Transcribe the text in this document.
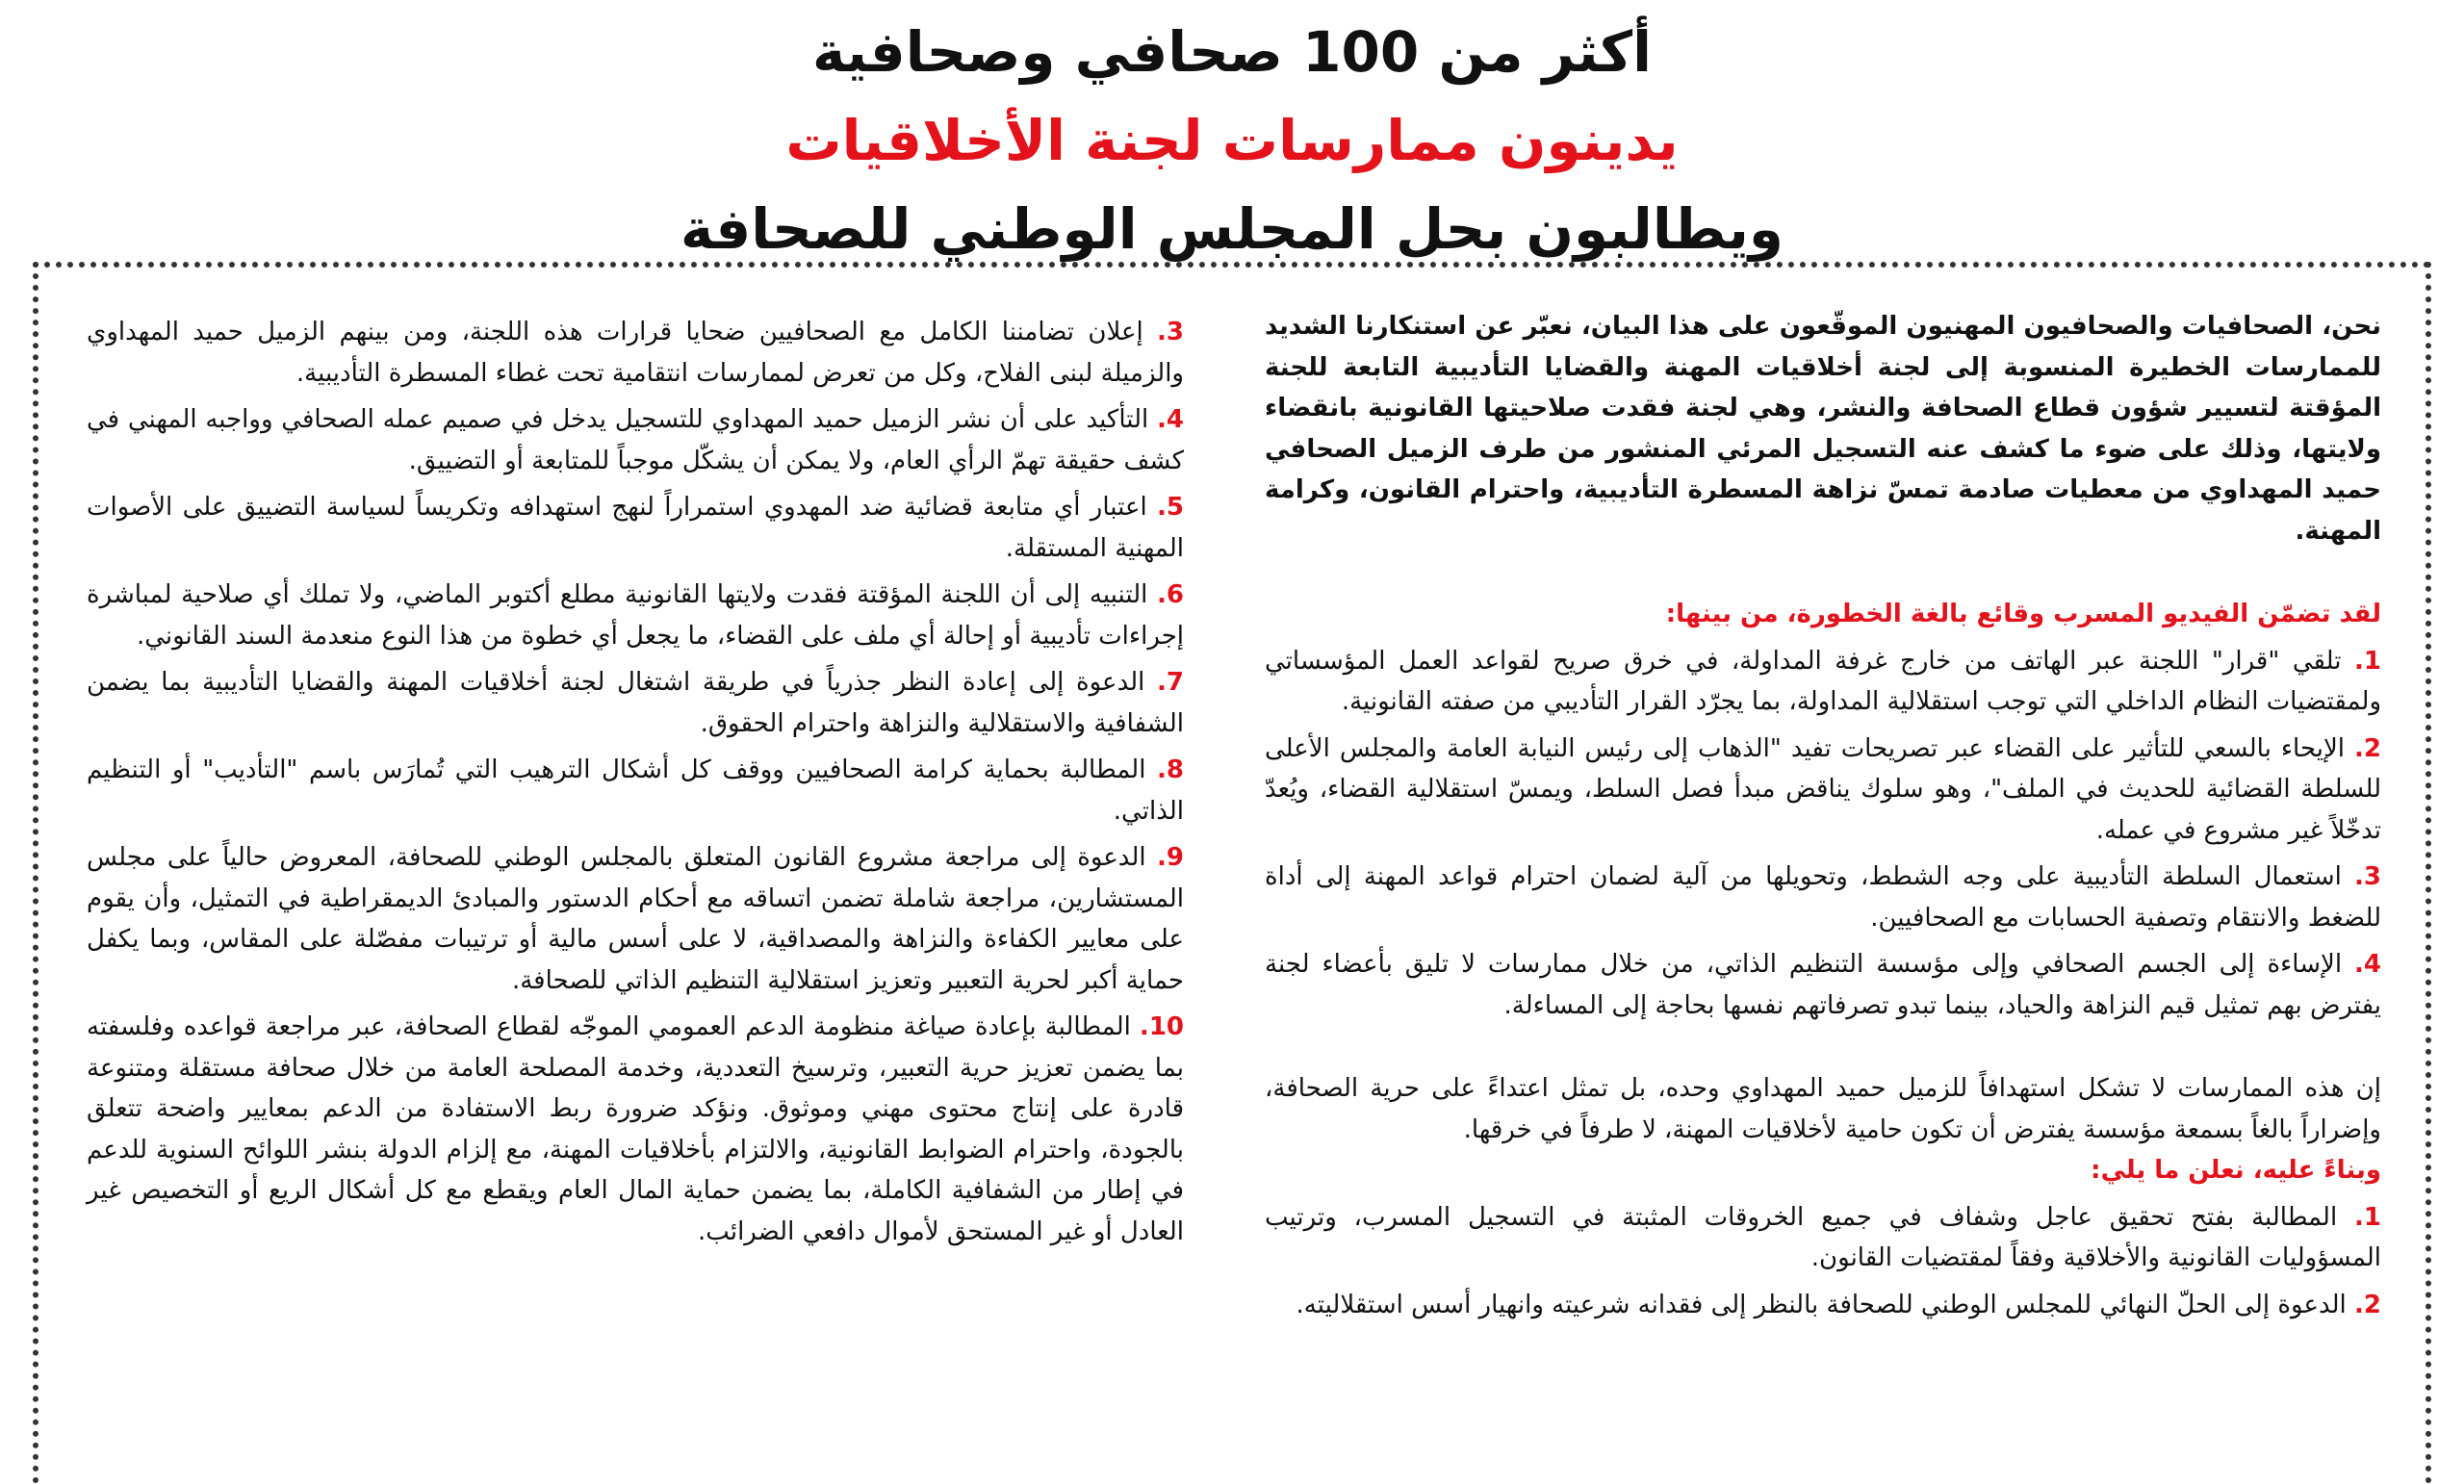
أكثر من 100 صحافي وصحافية

يدينون ممارسات لجنة الأخلاقيات

ويطالبون بحل المجلس الوطني للصحافة

نحن، الصحافيات والصحافيون المهنيون الموقّعون على هذا البيان، نعبّر عن استنكارنا الشديد للممارسات الخطيرة المنسوبة إلى لجنة أخلاقيات المهنة والقضايا التأديبية التابعة للجنة المؤقتة لتسيير شؤون قطاع الصحافة والنشر، وهي لجنة فقدت صلاحيتها القانونية بانقضاء ولايتها، وذلك على ضوء ما كشف عنه التسجيل المرئي المنشور من طرف الزميل الصحافي حميد المهداوي من معطيات صادمة تمسّ نزاهة المسطرة التأديبية، واحترام القانون، وكرامة المهنة.

لقد تضمّن الفيديو المسرب وقائع بالغة الخطورة، من بينها:

1. تلقي "قرار" اللجنة عبر الهاتف من خارج غرفة المداولة، في خرق صريح لقواعد العمل المؤسساتي ولمقتضيات النظام الداخلي التي توجب استقلالية المداولة، بما يجرّد القرار التأديبي من صفته القانونية.

2. الإيحاء بالسعي للتأثير على القضاء عبر تصريحات تفيد "الذهاب إلى رئيس النيابة العامة والمجلس الأعلى للسلطة القضائية للحديث في الملف"، وهو سلوك يناقض مبدأ فصل السلط، ويمسّ استقلالية القضاء، ويُعدّ تدخّلاً غير مشروع في عمله.

3. استعمال السلطة التأديبية على وجه الشطط، وتحويلها من آلية لضمان احترام قواعد المهنة إلى أداة للضغط والانتقام وتصفية الحسابات مع الصحافيين.

4. الإساءة إلى الجسم الصحافي وإلى مؤسسة التنظيم الذاتي، من خلال ممارسات لا تليق بأعضاء لجنة يفترض بهم تمثيل قيم النزاهة والحياد، بينما تبدو تصرفاتهم نفسها بحاجة إلى المساءلة.

إن هذه الممارسات لا تشكل استهدافاً للزميل حميد المهداوي وحده، بل تمثل اعتداءً على حرية الصحافة، وإضراراً بالغاً بسمعة مؤسسة يفترض أن تكون حامية لأخلاقيات المهنة، لا طرفاً في خرقها.

وبناءً عليه، نعلن ما يلي:

1. المطالبة بفتح تحقيق عاجل وشفاف في جميع الخروقات المثبتة في التسجيل المسرب، وترتيب المسؤوليات القانونية والأخلاقية وفقاً لمقتضيات القانون.

2. الدعوة إلى الحلّ النهائي للمجلس الوطني للصحافة بالنظر إلى فقدانه شرعيته وانهيار أسس استقلاليته.

3. إعلان تضامننا الكامل مع الصحافيين ضحايا قرارات هذه اللجنة، ومن بينهم الزميل حميد المهداوي والزميلة لبنى الفلاح، وكل من تعرض لممارسات انتقامية تحت غطاء المسطرة التأديبية.

4. التأكيد على أن نشر الزميل حميد المهداوي للتسجيل يدخل في صميم عمله الصحافي وواجبه المهني في كشف حقيقة تهمّ الرأي العام، ولا يمكن أن يشكّل موجباً للمتابعة أو التضييق.

5. اعتبار أي متابعة قضائية ضد المهدوي استمراراً لنهج استهدافه وتكريساً لسياسة التضييق على الأصوات المهنية المستقلة.

6. التنبيه إلى أن اللجنة المؤقتة فقدت ولايتها القانونية مطلع أكتوبر الماضي، ولا تملك أي صلاحية لمباشرة إجراءات تأديبية أو إحالة أي ملف على القضاء، ما يجعل أي خطوة من هذا النوع منعدمة السند القانوني.

7. الدعوة إلى إعادة النظر جذرياً في طريقة اشتغال لجنة أخلاقيات المهنة والقضايا التأديبية بما يضمن الشفافية والاستقلالية والنزاهة واحترام الحقوق.

8. المطالبة بحماية كرامة الصحافيين ووقف كل أشكال الترهيب التي تُمارَس باسم "التأديب" أو التنظيم الذاتي.

9. الدعوة إلى مراجعة مشروع القانون المتعلق بالمجلس الوطني للصحافة، المعروض حالياً على مجلس المستشارين، مراجعة شاملة تضمن اتساقه مع أحكام الدستور والمبادئ الديمقراطية في التمثيل، وأن يقوم على معايير الكفاءة والنزاهة والمصداقية، لا على أسس مالية أو ترتيبات مفصّلة على المقاس، وبما يكفل حماية أكبر لحرية التعبير وتعزيز استقلالية التنظيم الذاتي للصحافة.

10. المطالبة بإعادة صياغة منظومة الدعم العمومي الموجّه لقطاع الصحافة، عبر مراجعة قواعده وفلسفته بما يضمن تعزيز حرية التعبير، وترسيخ التعددية، وخدمة المصلحة العامة من خلال صحافة مستقلة ومتنوعة قادرة على إنتاج محتوى مهني وموثوق. ونؤكد ضرورة ربط الاستفادة من الدعم بمعايير واضحة تتعلق بالجودة، واحترام الضوابط القانونية، والالتزام بأخلاقيات المهنة، مع إلزام الدولة بنشر اللوائح السنوية للدعم في إطار من الشفافية الكاملة، بما يضمن حماية المال العام ويقطع مع كل أشكال الريع أو التخصيص غير العادل أو غير المستحق لأموال دافعي الضرائب.
